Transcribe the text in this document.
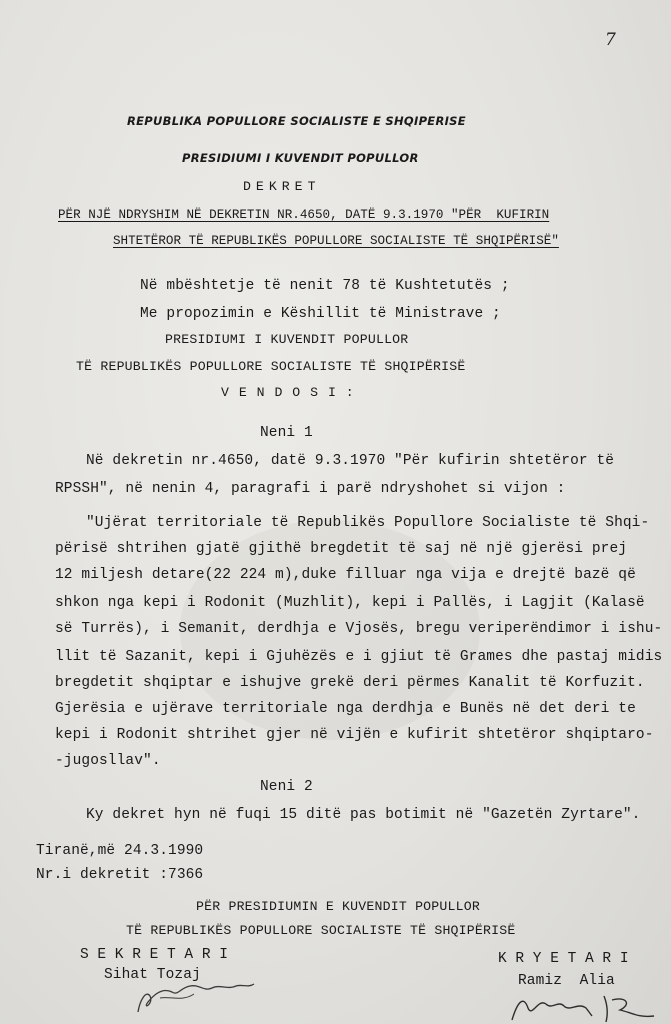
7
REPUBLIKA POPULLORE SOCIALISTE E SHQIPERISE
PRESIDIUMI I KUVENDIT POPULLOR
DEKRET
PËR NJË NDRYSHIM NË DEKRETIN NR.4650, DATË 9.3.1970 "PËR  KUFIRIN
SHTETËROR TË REPUBLIKËS POPULLORE SOCIALISTE TË SHQIPËRISË"
Në mbështetje të nenit 78 të Kushtetutës ;
Me propozimin e Këshillit të Ministrave ;
PRESIDIUMI I KUVENDIT POPULLOR
TË REPUBLIKËS POPULLORE SOCIALISTE TË SHQIPËRISË
V E N D O S I :
Neni 1
Në dekretin nr.4650, datë 9.3.1970 "Për kufirin shtetëror të
RPSSH", në nenin 4, paragrafi i parë ndryshohet si vijon :
"Ujërat territoriale të Republikës Popullore Socialiste të Shqi-
përisë shtrihen gjatë gjithë bregdetit të saj në një gjerësi prej
12 miljesh detare(22 224 m),duke filluar nga vija e drejtë bazë që
shkon nga kepi i Rodonit (Muzhlit), kepi i Pallës, i Lagjit (Kalasë
së Turrës), i Semanit, derdhja e Vjosës, bregu veriperëndimor i ishu-
llit të Sazanit, kepi i Gjuhëzës e i gjiut të Grames dhe pastaj midis
bregdetit shqiptar e ishujve grekë deri përmes Kanalit të Korfuzit.
Gjerësia e ujërave territoriale nga derdhja e Bunës në det deri te
kepi i Rodonit shtrihet gjer në vijën e kufirit shtetëror shqiptaro-
-jugosllav".
Neni 2
Ky dekret hyn në fuqi 15 ditë pas botimit në "Gazetën Zyrtare".
Tiranë,më 24.3.1990
Nr.i dekretit :7366
PËR PRESIDIUMIN E KUVENDIT POPULLOR
TË REPUBLIKËS POPULLORE SOCIALISTE TË SHQIPËRISË
S E K R E T A R I
Sihat Tozaj
K R Y E T A R I
Ramiz  Alia
